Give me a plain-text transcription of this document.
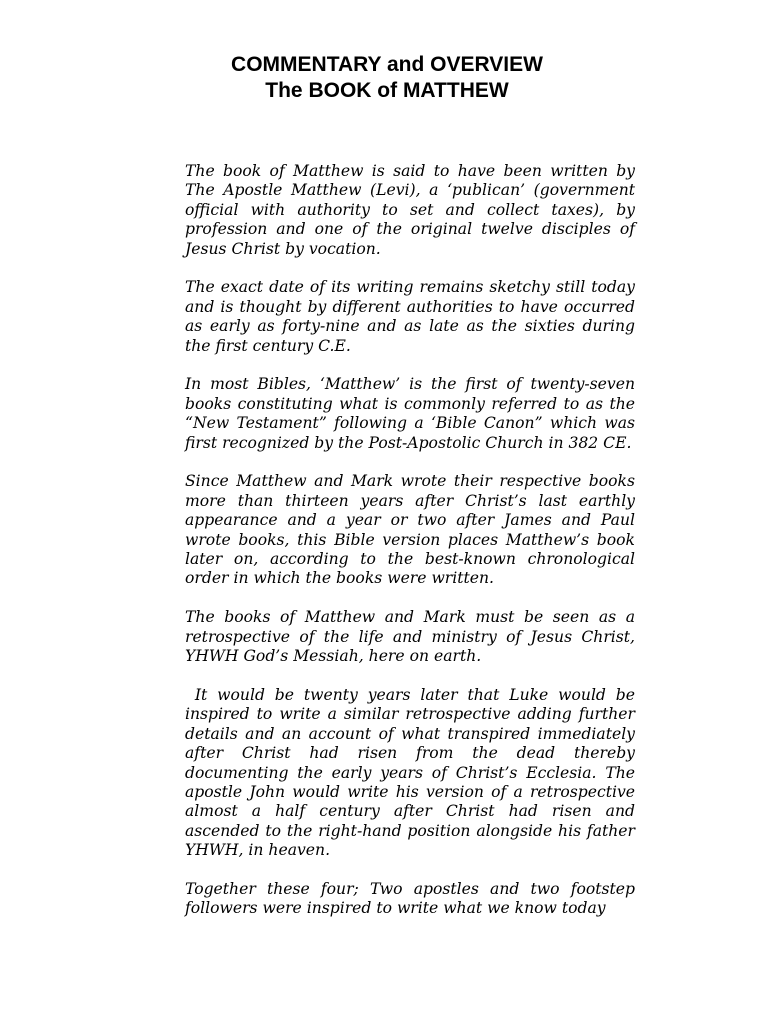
COMMENTARY and OVERVIEW
The BOOK of MATTHEW

The book of Matthew is said to have been written by The Apostle Matthew (Levi), a ‘publican’ (government official with authority to set and collect taxes), by profession and one of the original twelve disciples of Jesus Christ by vocation.

The exact date of its writing remains sketchy still today and is thought by different authorities to have occurred as early as forty-nine and as late as the sixties during the first century C.E.

In most Bibles, ‘Matthew’ is the first of twenty-seven books constituting what is commonly referred to as the “New Testament” following a ‘Bible Canon” which was first recognized by the Post-Apostolic Church in 382 CE.

Since Matthew and Mark wrote their respective books more than thirteen years after Christ’s last earthly appearance and a year or two after James and Paul wrote books, this Bible version places Matthew’s book later on, according to the best-known chronological order in which the books were written.

The books of Matthew and Mark must be seen as a retrospective of the life and ministry of Jesus Christ, YHWH God’s Messiah, here on earth.

It would be twenty years later that Luke would be inspired to write a similar retrospective adding further details and an account of what transpired immediately after Christ had risen from the dead thereby documenting the early years of Christ’s Ecclesia. The apostle John would write his version of a retrospective almost a half century after Christ had risen and ascended to the right-hand position alongside his father YHWH, in heaven.

Together these four; Two apostles and two footstep followers were inspired to write what we know today
